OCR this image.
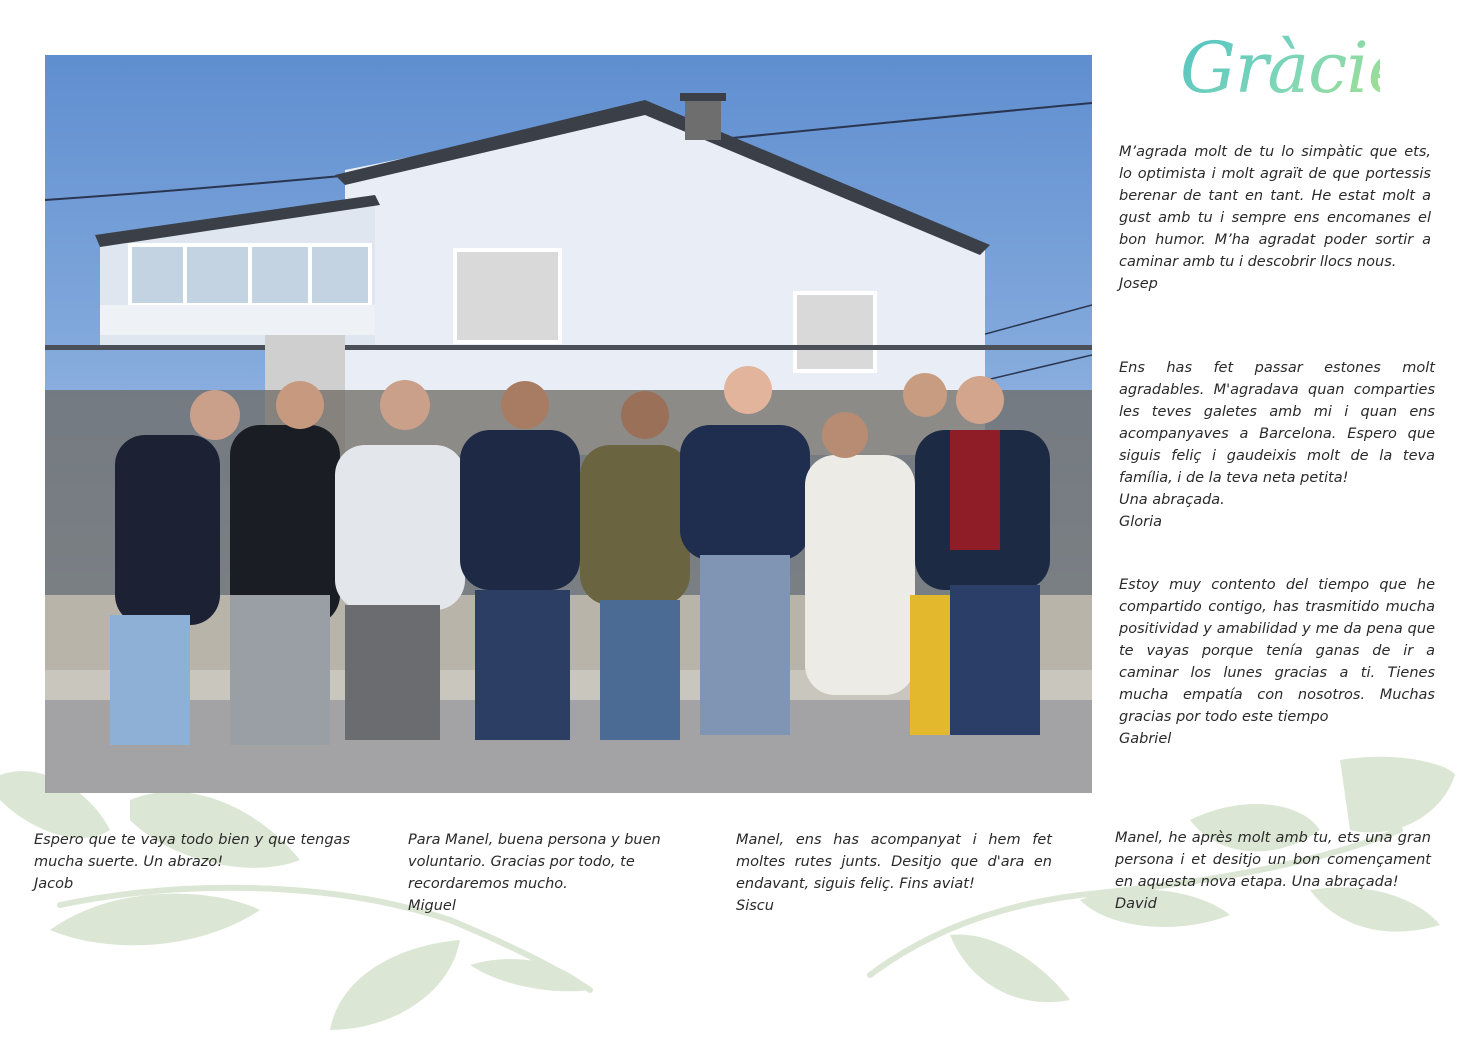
Gràcies

M’agrada molt de tu lo simpàtic que ets, lo optimista i molt agraït de que portessis berenar de tant en tant. He estat molt a gust amb tu i sempre ens encomanes el bon humor. M’ha agradat poder sortir a caminar amb tu i descobrir llocs nous.

Josep

Ens has fet passar estones molt agradables. M'agradava quan comparties les teves galetes amb mi i quan ens acompanyaves a Barcelona. Espero que siguis feliç i gaudeixis molt de la teva família, i de la teva neta petita!

Una abraçada.
Gloria

Estoy muy contento del tiempo que he compartido contigo, has trasmitido mucha positividad y amabilidad y me da pena que te vayas porque tenía ganas de ir a caminar los lunes gracias a ti. Tienes mucha empatía con nosotros. Muchas gracias por todo este tiempo

Gabriel

Espero que te vaya todo bien y que tengas mucha suerte. Un abrazo!

Jacob

Para Manel, buena persona y buen voluntario. Gracias por todo, te recordaremos mucho.

Miguel

Manel, ens has acompanyat i hem fet moltes rutes junts. Desitjo que d'ara en endavant, siguis feliç. Fins aviat!

Siscu

Manel, he après molt amb tu, ets una gran persona i et desitjo un bon començament en aquesta nova etapa. Una abraçada!

David
